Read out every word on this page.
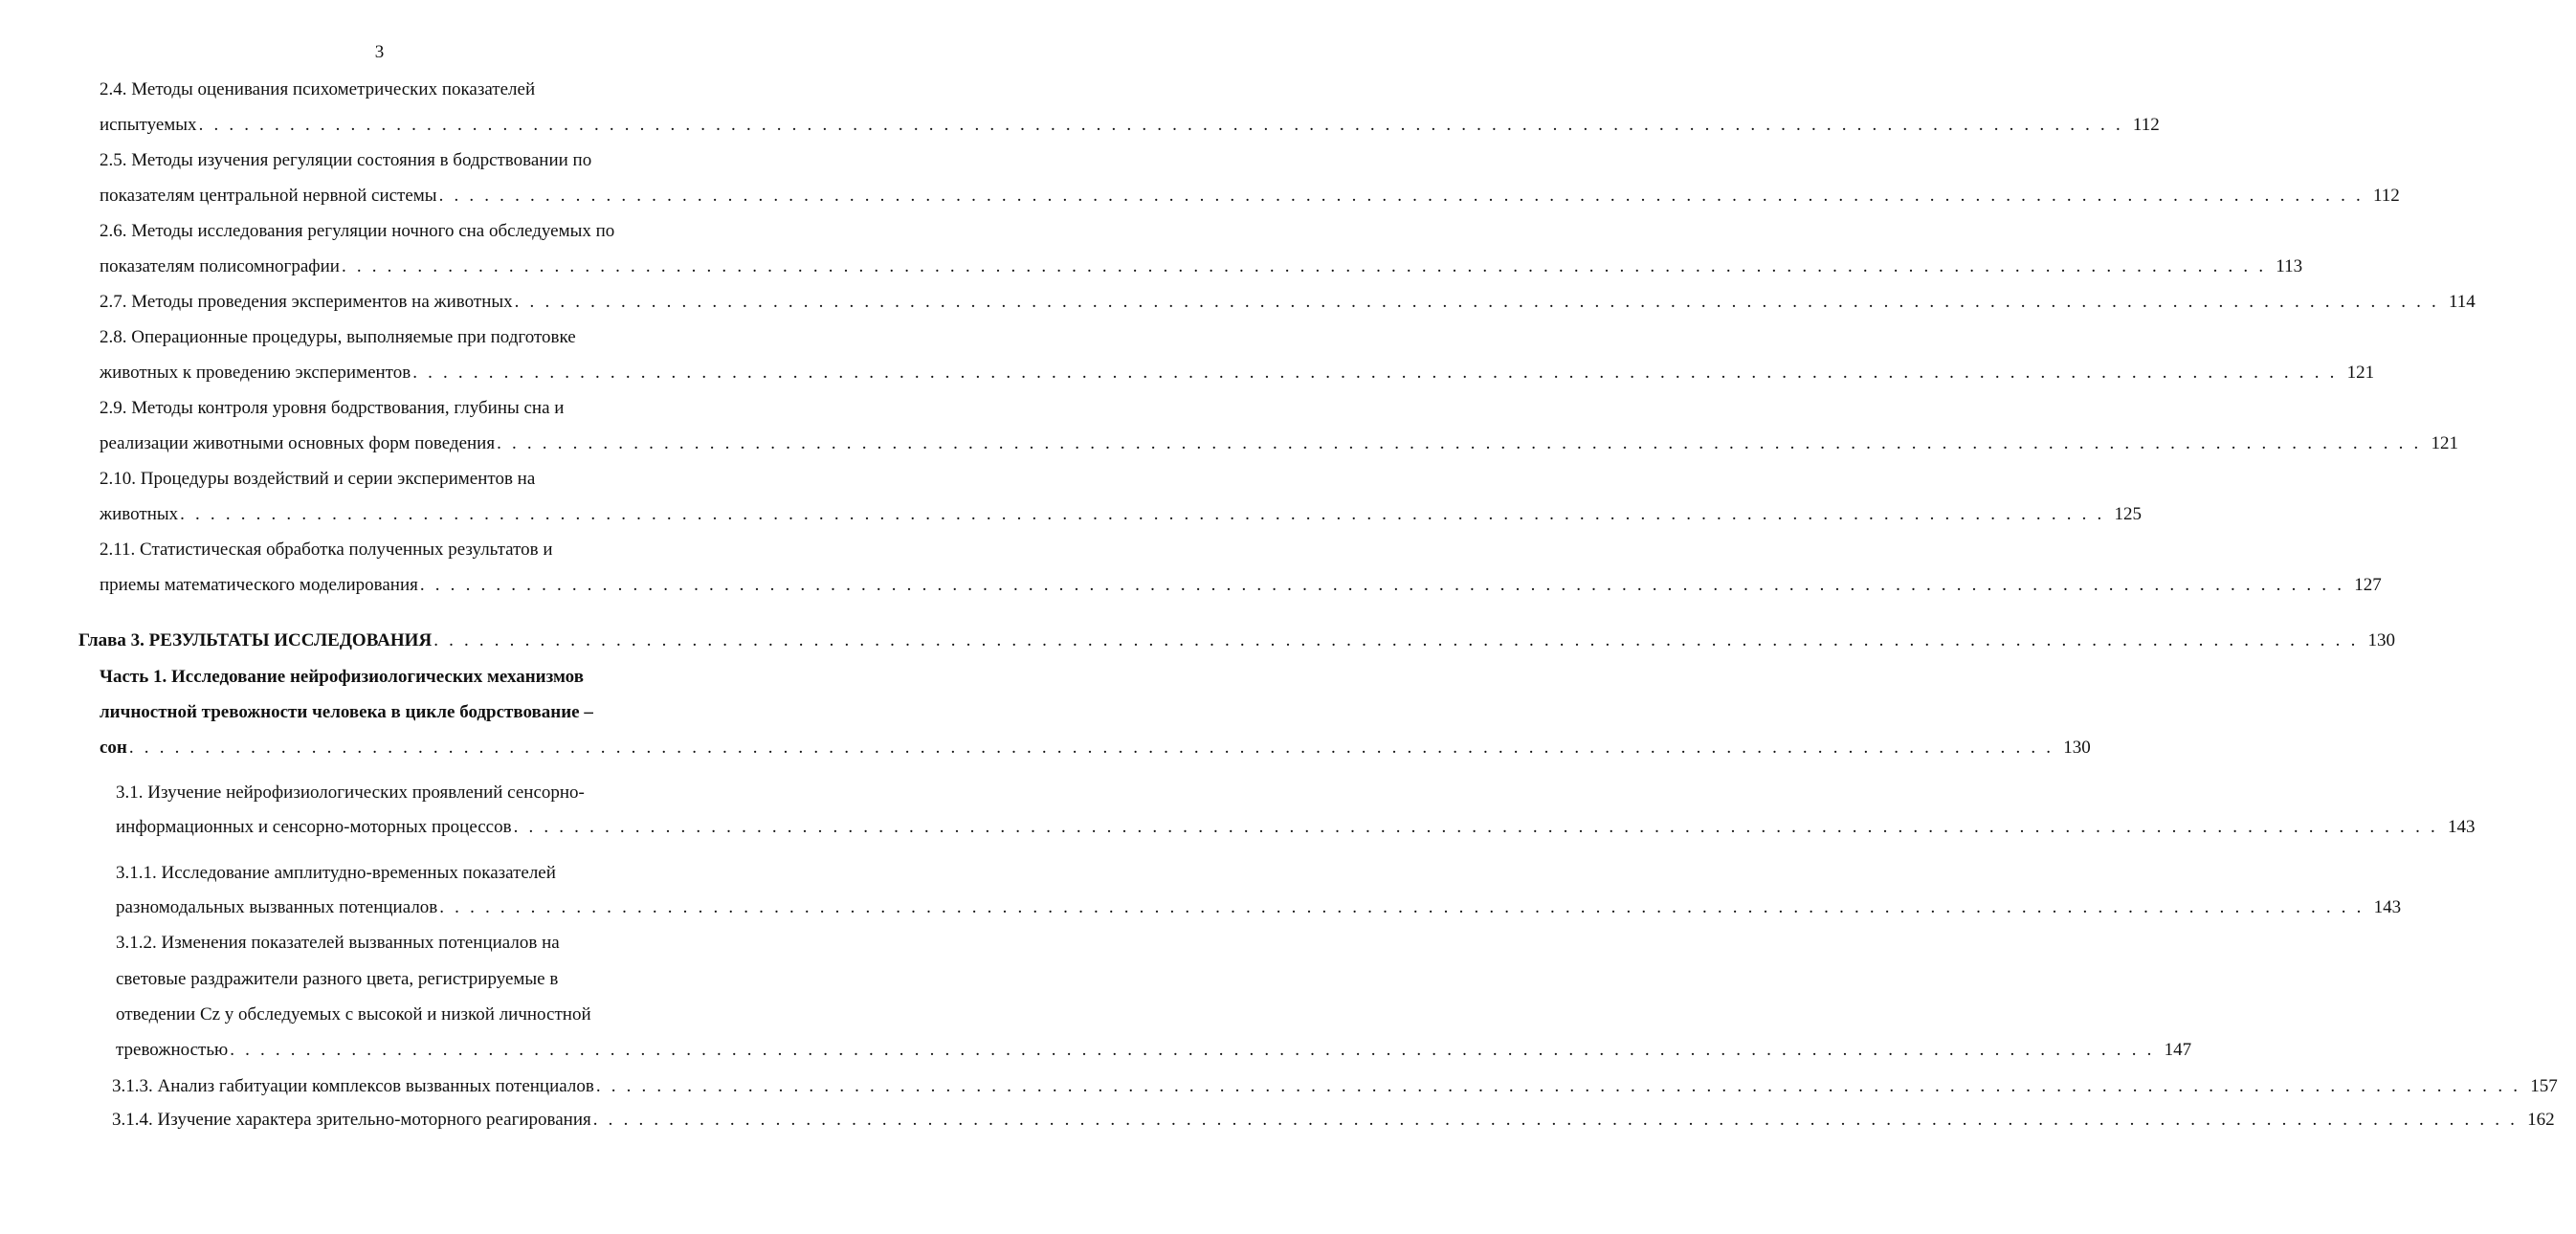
3
2.4. Методы оценивания психометрических показателей
испытуемых . . . . . . . . . . . . . . . . . . . . . . . . . . . . . . . . . . . . . . . . . . . . . . . . . . . . . . . . . . . . . . . . . . . . . . . . . . . . . . . . . . . . . . . . . . . . . . . . . . . . . . . . . . . . . . . . . . . . . . . . . . . . . . . 112
2.5. Методы изучения регуляции состояния в бодрствовании по
показателям центральной нервной системы . . . . . . . . . . . . . . . . . . . . . . . . . . . . . . . . . . . . . . . . . . . . . . . . . . . . . . . . . . . . . . . . . . . . . . . . . . . . . . . . . . . . . . . . . . . . . . . . . . . . . . . . . . . . . . . . . . . . . . . . . . . . . . . 112
2.6. Методы исследования регуляции ночного сна обследуемых по
показателям полисомнографии . . . . . . . . . . . . . . . . . . . . . . . . . . . . . . . . . . . . . . . . . . . . . . . . . . . . . . . . . . . . . . . . . . . . . . . . . . . . . . . . . . . . . . . . . . . . . . . . . . . . . . . . . . . . . . . . . . . . . . . . . . . . . . . 113
2.7. Методы проведения экспериментов на животных . . . . . . . . . . . . . . . . . . . . . . . . . . . . . . . . . . . . . . . . . . . . . . . . . . . . . . . . . . . . . . . . . . . . . . . . . . . . . . . . . . . . . . . . . . . . . . . . . . . . . . . . . . . . . . . . . . . . . . . . . . . . . . . 114
2.8. Операционные процедуры, выполняемые при подготовке
животных к проведению экспериментов . . . . . . . . . . . . . . . . . . . . . . . . . . . . . . . . . . . . . . . . . . . . . . . . . . . . . . . . . . . . . . . . . . . . . . . . . . . . . . . . . . . . . . . . . . . . . . . . . . . . . . . . . . . . . . . . . . . . . . . . . . . . . . . 121
2.9. Методы контроля уровня бодрствования, глубины сна и
реализации животными основных форм поведения . . . . . . . . . . . . . . . . . . . . . . . . . . . . . . . . . . . . . . . . . . . . . . . . . . . . . . . . . . . . . . . . . . . . . . . . . . . . . . . . . . . . . . . . . . . . . . . . . . . . . . . . . . . . . . . . . . . . . . . . . . . . . . . 121
2.10. Процедуры воздействий и серии экспериментов на
животных . . . . . . . . . . . . . . . . . . . . . . . . . . . . . . . . . . . . . . . . . . . . . . . . . . . . . . . . . . . . . . . . . . . . . . . . . . . . . . . . . . . . . . . . . . . . . . . . . . . . . . . . . . . . . . . . . . . . . . . . . . . . . . . 125
2.11. Статистическая обработка полученных результатов и
приемы математического моделирования . . . . . . . . . . . . . . . . . . . . . . . . . . . . . . . . . . . . . . . . . . . . . . . . . . . . . . . . . . . . . . . . . . . . . . . . . . . . . . . . . . . . . . . . . . . . . . . . . . . . . . . . . . . . . . . . . . . . . . . . . . . . . . . 127
Глава 3. РЕЗУЛЬТАТЫ ИССЛЕДОВАНИЯ . . . . . . . . . . . . . . . . . . . . . . . . . . . . . . . . . . . . . . . . . . . . . . . . . . . . . . . . . . . . . . . . . . . . . . . . . . . . . . . . . . . . . . . . . . . . . . . . . . . . . . . . . . . . . . . . . . . . . . . . . . . . . . . 130
Часть 1. Исследование нейрофизиологических механизмов
личностной тревожности человека в цикле бодрствование –
сон . . . . . . . . . . . . . . . . . . . . . . . . . . . . . . . . . . . . . . . . . . . . . . . . . . . . . . . . . . . . . . . . . . . . . . . . . . . . . . . . . . . . . . . . . . . . . . . . . . . . . . . . . . . . . . . . . . . . . . . . . . . . . . . 130
3.1. Изучение нейрофизиологических проявлений сенсорно-
информационных и сенсорно-моторных процессов . . . . . . . . . . . . . . . . . . . . . . . . . . . . . . . . . . . . . . . . . . . . . . . . . . . . . . . . . . . . . . . . . . . . . . . . . . . . . . . . . . . . . . . . . . . . . . . . . . . . . . . . . . . . . . . . . . . . . . . . . . . . . . . 143
3.1.1. Исследование амплитудно-временных показателей
разномодальных вызванных потенциалов . . . . . . . . . . . . . . . . . . . . . . . . . . . . . . . . . . . . . . . . . . . . . . . . . . . . . . . . . . . . . . . . . . . . . . . . . . . . . . . . . . . . . . . . . . . . . . . . . . . . . . . . . . . . . . . . . . . . . . . . . . . . . . . 143
3.1.2. Изменения показателей вызванных потенциалов на
световые раздражители разного цвета, регистрируемые в
отведении Cz у обследуемых с высокой и низкой личностной
тревожностью . . . . . . . . . . . . . . . . . . . . . . . . . . . . . . . . . . . . . . . . . . . . . . . . . . . . . . . . . . . . . . . . . . . . . . . . . . . . . . . . . . . . . . . . . . . . . . . . . . . . . . . . . . . . . . . . . . . . . . . . . . . . . . . 147
3.1.3. Анализ габитуации комплексов вызванных потенциалов . . . . . . . . . . . . . . . . . . . . . . . . . . . . . . . . . . . . . . . . . . . . . . . . . . . . . . . . . . . . . . . . . . . . . . . . . . . . . . . . . . . . . . . . . . . . . . . . . . . . . . . . . . . . . . . . . . . . . . . . . . . . . . . 157
3.1.4. Изучение характера зрительно-моторного реагирования . . . . . . . . . . . . . . . . . . . . . . . . . . . . . . . . . . . . . . . . . . . . . . . . . . . . . . . . . . . . . . . . . . . . . . . . . . . . . . . . . . . . . . . . . . . . . . . . . . . . . . . . . . . . . . . . . . . . . . . . . . . . . . . 162
